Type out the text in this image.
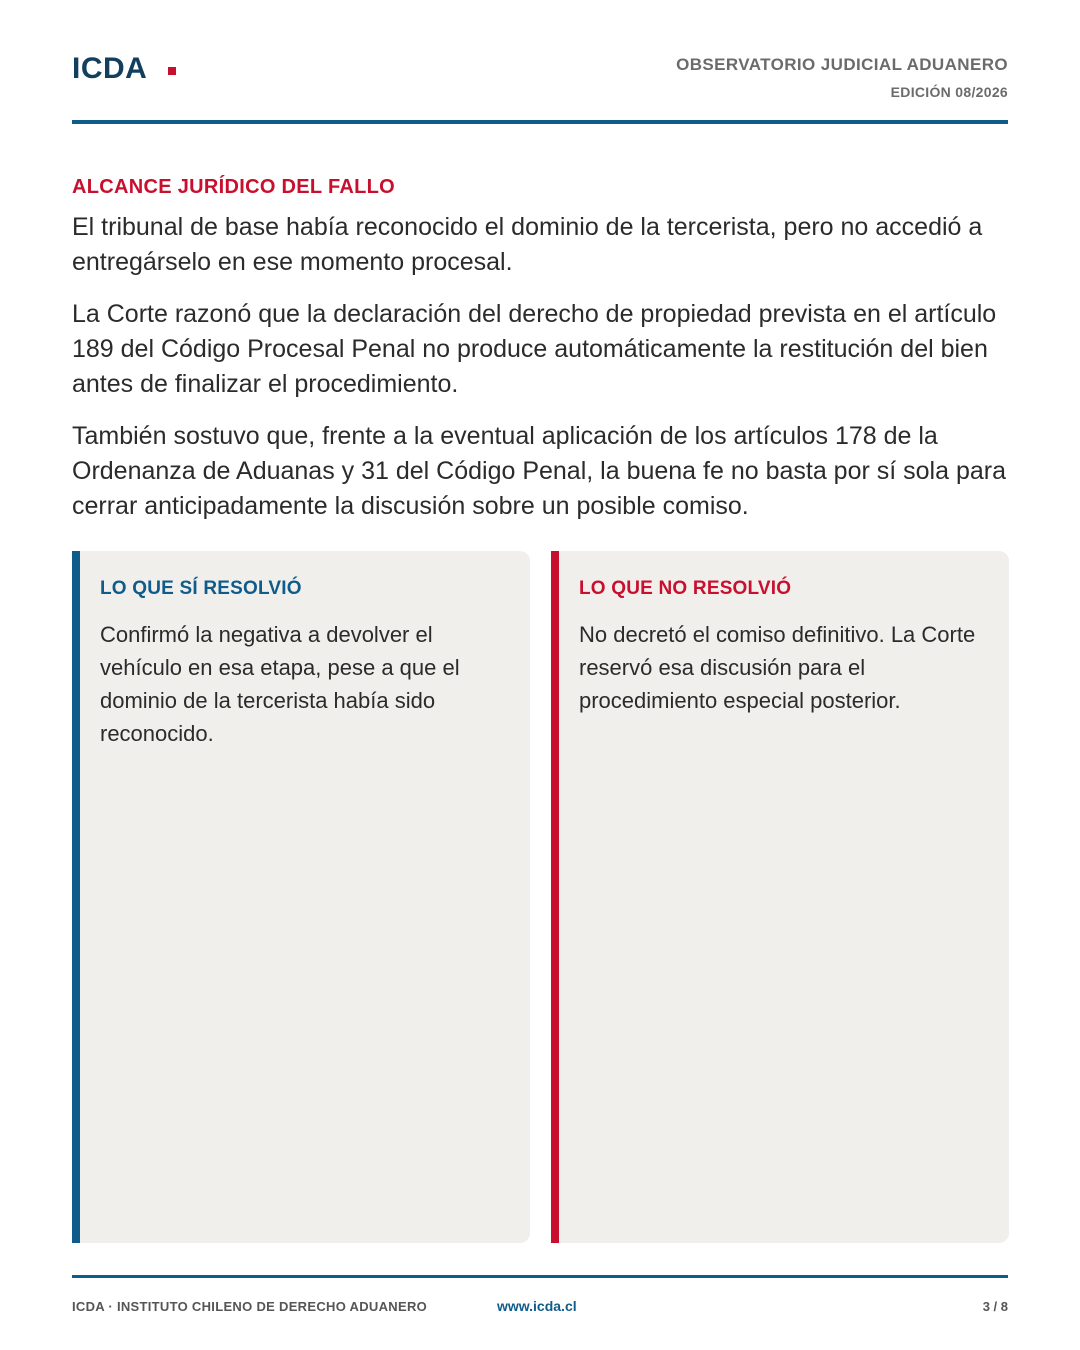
ICDA	OBSERVATORIO JUDICIAL ADUANERO
EDICIÓN 08/2026
ALCANCE JURÍDICO DEL FALLO

El tribunal de base había reconocido el dominio de la tercerista, pero no accedió a entregárselo en ese momento procesal.

La Corte razonó que la declaración del derecho de propiedad prevista en el artículo 189 del Código Procesal Penal no produce automáticamente la restitución del bien antes de finalizar el procedimiento.

También sostuvo que, frente a la eventual aplicación de los artículos 178 de la Ordenanza de Aduanas y 31 del Código Penal, la buena fe no basta por sí sola para cerrar anticipadamente la discusión sobre un posible comiso.

LO QUE SÍ RESOLVIÓ
Confirmó la negativa a devolver el vehículo en esa etapa, pese a que el dominio de la tercerista había sido reconocido.
LO QUE NO RESOLVIÓ
No decretó el comiso definitivo. La Corte reservó esa discusión para el procedimiento especial posterior.
ICDA · INSTITUTO CHILENO DE DERECHO ADUANERO	www.icda.cl	3 / 8
